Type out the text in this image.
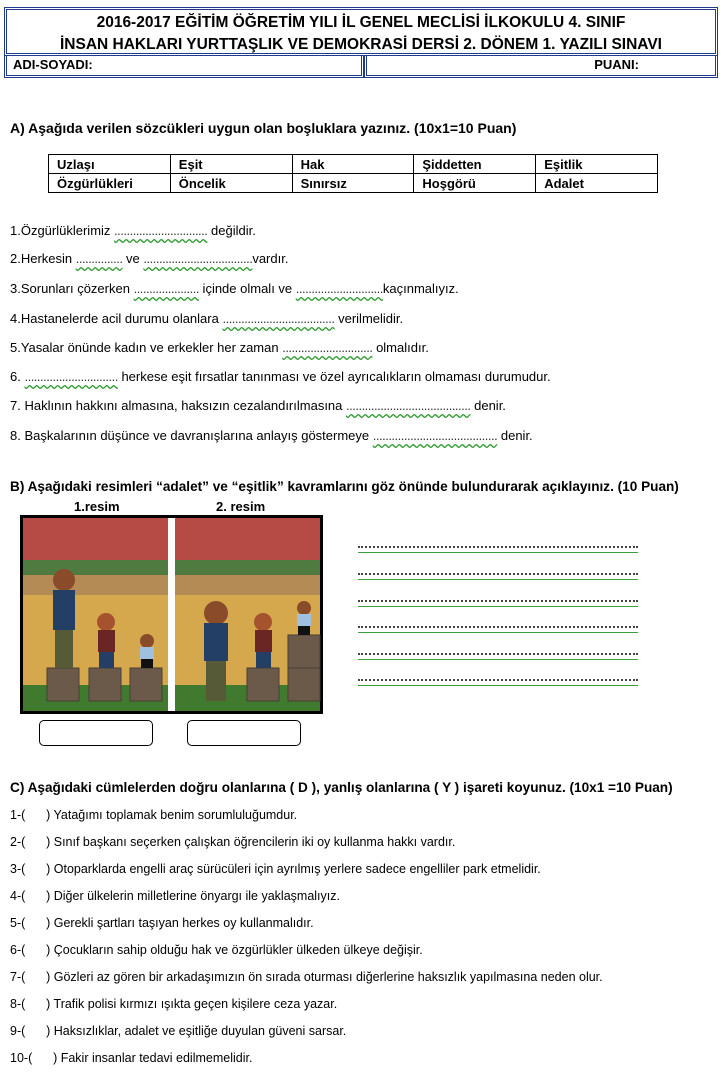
2016-2017 EĞİTİM ÖĞRETİM YILI İL GENEL MECLİSİ İLKOKULU 4. SINIF
İNSAN HAKLARI YURTTAŞLIK VE DEMOKRASİ DERSİ 2. DÖNEM 1. YAZILI SINAVI
ADI-SOYADI:	PUANI:
A) Aşağıda verilen sözcükleri uygun olan boşluklara yazınız. (10x1=10 Puan)
Uzlaşı	Eşit	Hak	Şiddetten	Eşitlik
Özgürlükleri	Öncelik	Sınırsız	Hoşgörü	Adalet
1.Özgürlüklerimiz .............................. değildir.
2.Herkesin ............... ve ...................................vardır.
3.Sorunları çözerken ..................... içinde olmalı ve ............................kaçınmalıyız.
4.Hastanelerde acil durumu olanlara .................................... verilmelidir.
5.Yasalar önünde kadın ve erkekler her zaman ............................. olmalıdır.
6. .............................. herkese eşit fırsatlar tanınması ve özel ayrıcalıkların olmaması durumudur.
7. Haklının hakkını almasına, haksızın cezalandırılmasına ........................................ denir.
8. Başkalarının düşünce ve davranışlarına anlayış göstermeye ........................................ denir.
B) Aşağıdaki resimleri “adalet” ve “eşitlik” kavramlarını göz önünde bulundurarak açıklayınız. (10 Puan)
1.resim	2. resim
C) Aşağıdaki cümlelerden doğru olanlarına ( D ), yanlış olanlarına ( Y ) işareti koyunuz. (10x1 =10 Puan)
1-(      ) Yatağımı toplamak benim sorumluluğumdur.
2-(      ) Sınıf başkanı seçerken çalışkan öğrencilerin iki oy kullanma hakkı vardır.
3-(      ) Otoparklarda engelli araç sürücüleri için ayrılmış yerlere sadece engelliler park etmelidir.
4-(      ) Diğer ülkelerin milletlerine önyargı ile yaklaşmalıyız.
5-(      ) Gerekli şartları taşıyan herkes oy kullanmalıdır.
6-(      ) Çocukların sahip olduğu hak ve özgürlükler ülkeden ülkeye değişir.
7-(      ) Gözleri az gören bir arkadaşımızın ön sırada oturması diğerlerine haksızlık yapılmasına neden olur.
8-(      ) Trafik polisi kırmızı ışıkta geçen kişilere ceza yazar.
9-(      ) Haksızlıklar, adalet ve eşitliğe duyulan güveni sarsar.
10-(      ) Fakir insanlar tedavi edilmemelidir.
